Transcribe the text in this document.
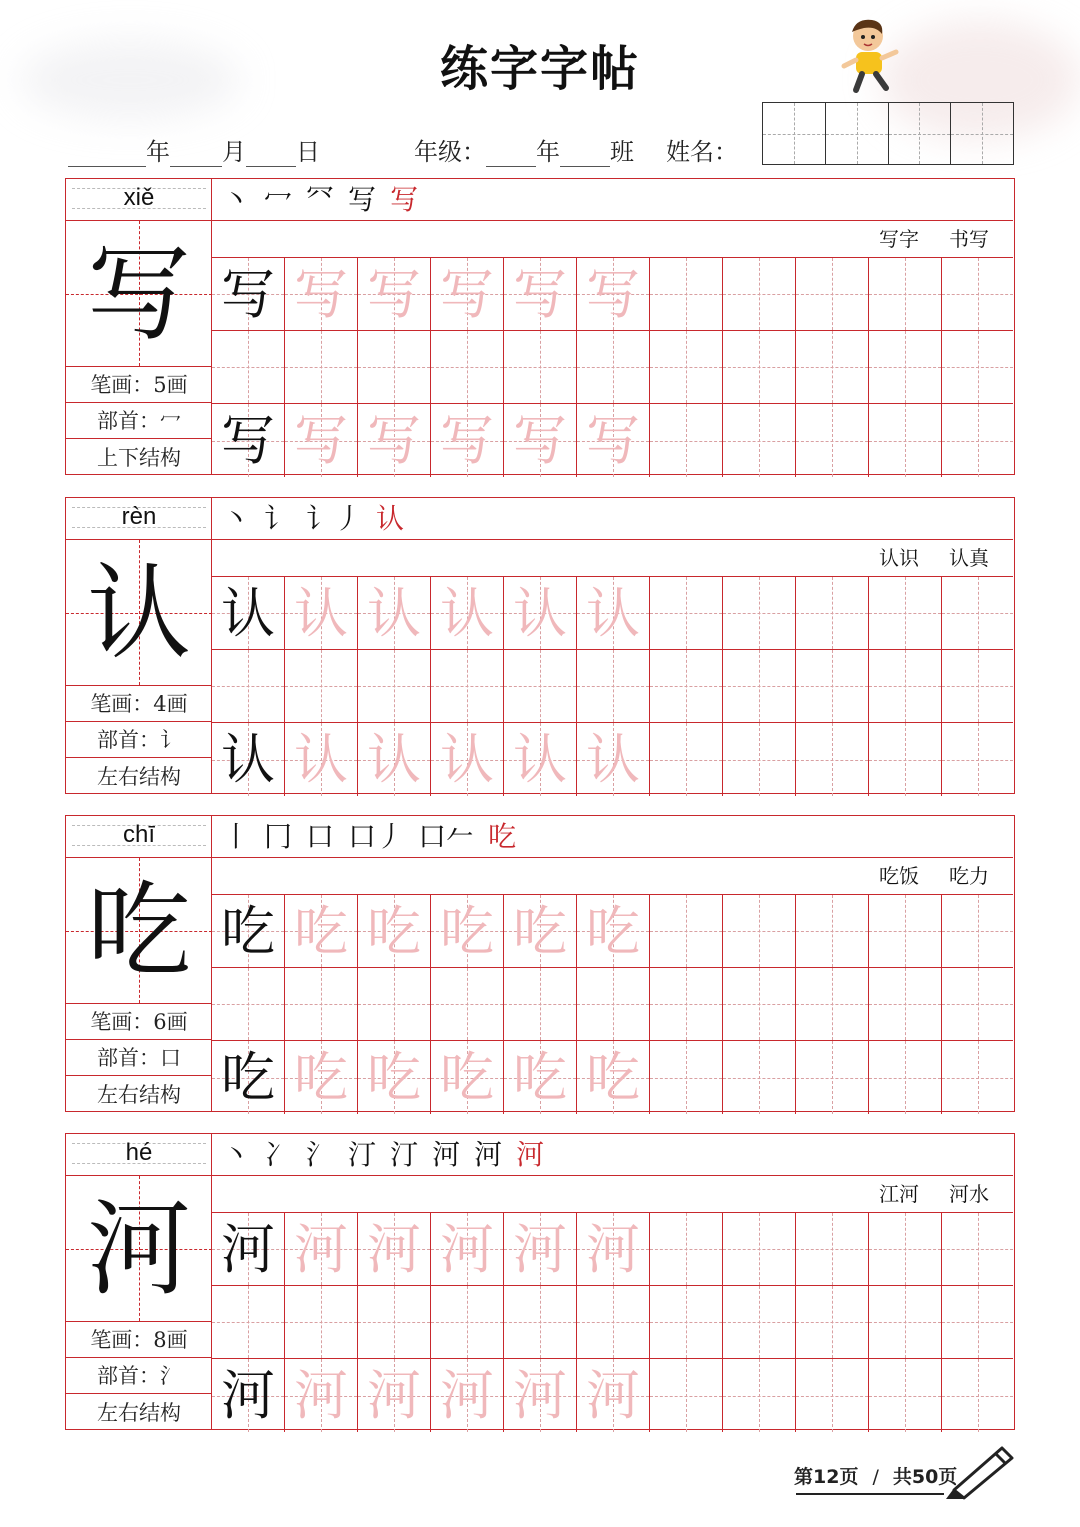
练字字帖
年 月 日	年级： 年 班 姓名：
xiě
写
笔画：5画
部首：冖
上下结构
丶 冖 ⺳ 写 写
写字 书写
写 写 写 写 写 写
写 写 写 写 写 写
rèn
认
笔画：4画
部首：讠
左右结构
丶 讠 讠丿 认
认识 认真
认 认 认 认 认 认
认 认 认 认 认 认
chī
吃
笔画：6画
部首：口
左右结构
丨 冂 口 口丿 口𠂉 吃
吃饭 吃力
吃 吃 吃 吃 吃 吃
吃 吃 吃 吃 吃 吃
hé
河
笔画：8画
部首：氵
左右结构
丶 冫 氵 汀 汀 河 河 河
江河 河水
河 河 河 河 河 河
河 河 河 河 河 河
第12页 / 共50页
